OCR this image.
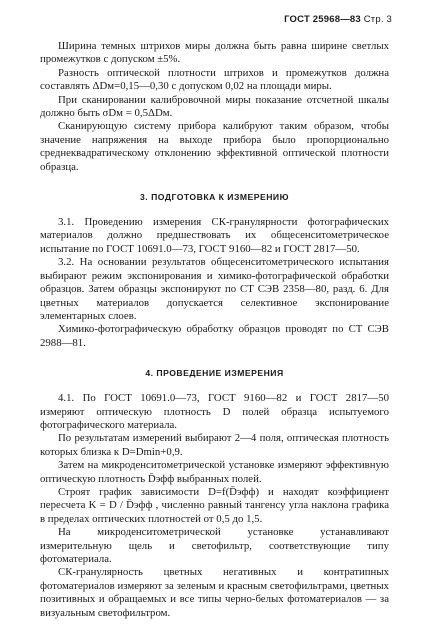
ГОСТ 25968—83 Стр. 3

Ширина темных штрихов миры должна быть равна ширине светлых промежутков с допуском ±5%.

Разность оптической плотности штрихов и промежутков должна составлять ΔDм=0,15—0,30 с допуском 0,02 на площади миры.

При сканировании калибровочной миры показание отсчетной шкалы должно быть σDм = 0,5ΔDм.

Сканирующую систему прибора калибруют таким образом, чтобы значение напряжения на выходе прибора было пропорционально среднеквадратическому отклонению эффективной оптической плотности образца.

3. ПОДГОТОВКА К ИЗМЕРЕНИЮ

3.1. Проведению измерения СК-гранулярности фотографических материалов должно предшествовать их общесенситометрическое испытание по ГОСТ 10691.0—73, ГОСТ 9160—82 и ГОСТ 2817—50.

3.2. На основании результатов общесенситометрического испытания выбирают режим экспонирования и химико-фотографической обработки образцов. Затем образцы экспонируют по СТ СЭВ 2358—80, разд. 6. Для цветных материалов допускается селективное экспонирование элементарных слоев.

Химико-фотографическую обработку образцов проводят по СТ СЭВ 2988—81.

4. ПРОВЕДЕНИЕ ИЗМЕРЕНИЯ

4.1. По ГОСТ 10691.0—73, ГОСТ 9160—82 и ГОСТ 2817—50 измеряют оптическую плотность D полей образца испытуемого фотографического материала.

По результатам измерений выбирают 2—4 поля, оптическая плотность которых близка к D=Dmin+0,9.

Затем на микроденситометрической установке измеряют эффективную оптическую плотность D̄эфф выбранных полей.

Строят график зависимости D=f(D̄эфф) и находят коэффициент пересчета K = D / D̄эфф , численно равный тангенсу угла наклона графика в пределах оптических плотностей от 0,5 до 1,5.

На микроденситометрической установке устанавливают измерительную щель и светофильтр, соответствующие типу фотоматериала.

СК-гранулярность цветных негативных и контратипных фотоматериалов измеряют за зеленым и красным светофильтрами, цветных позитивных и обращаемых и все типы черно-белых фотоматериалов — за визуальным светофильтром.
